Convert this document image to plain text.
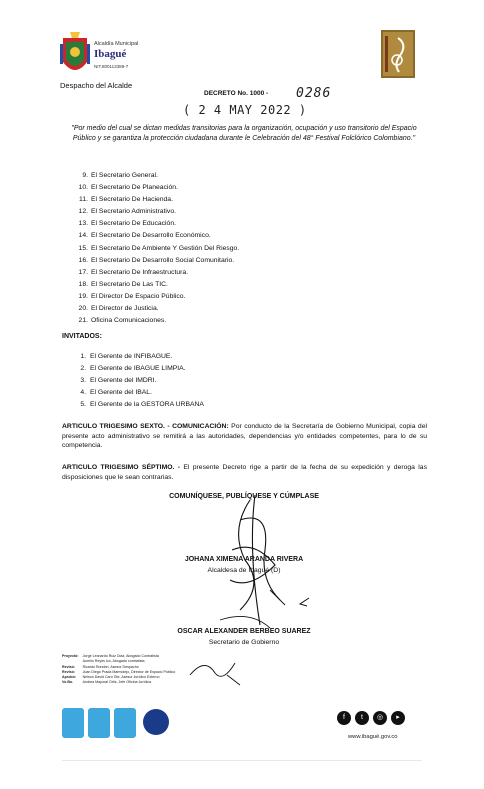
Alcaldía Municipal
Ibagué
NIT.800113389-7
Despacho del Alcalde
DECRETO No. 1000 - 0286
( 2 4 MAY 2022 )
"Por medio del cual se dictan medidas transitorias para la organización, ocupación y uso transitorio del Espacio Público y se garantiza la protección ciudadana durante le Celebración del 48° Festival Folclórico Colombiano."
9. El Secretario General.
10. El Secretario De Planeación.
11. El Secretario De Hacienda.
12. El Secretario Administrativo.
13. El Secretario De Educación.
14. El Secretario De Desarrollo Económico.
15. El Secretario De Ambiente Y Gestión Del Riesgo.
16. El Secretario De Desarrollo Social Comunitario.
17. El Secretario De Infraestructura.
18. El Secretario De Las TIC.
19. El Director De Espacio Público.
20. El Director de Justicia.
21. Oficina Comunicaciones.
INVITADOS:
1. El Gerente de INFIBAGUE.
2. El Gerente de IBAGUE LIMPIA.
3. El Gerente del IMDRI.
4. El Gerente del IBAL.
5. El Gerente de la GESTORA URBANA
ARTICULO TRIGESIMO SEXTO. - COMUNICACIÓN: Por conducto de la Secretaría de Gobierno Municipal, copia del presente acto administrativo se remitirá a las autoridades, dependencias y/o entidades competentes, para lo de su competencia.
ARTICULO TRIGESIMO SÉPTIMO. - El presente Decreto rige a partir de la fecha de su expedición y deroga las disposiciones que le sean contrarias.
COMUNÍQUESE, PUBLÍQUESE Y CÚMPLASE
JOHANA XIMENA ARANDA RIVERA
Alcaldesa de Ibagué (D)
OSCAR ALEXANDER BERBEO SUAREZ
Secretario de Gobierno
Proyectó:	Jorge Leonardo Ruiz Díaz, Abogado Contratista
	Aurelio Reyes Ico, Abogado contratista
Revisó:	Ricardo Rondón, Asesor Despacho
Revisó:	Juan Diego Prada Marmolejo, Director de Espacio Público
Aprobó:	Nelson David Caro Gte, Asesor Jurídico Externo
Vo.Bo.	Andrea Mayoral Ortiz, Jefe Oficina Jurídica
f	t	◎	▸
www.ibagué.gov.co
